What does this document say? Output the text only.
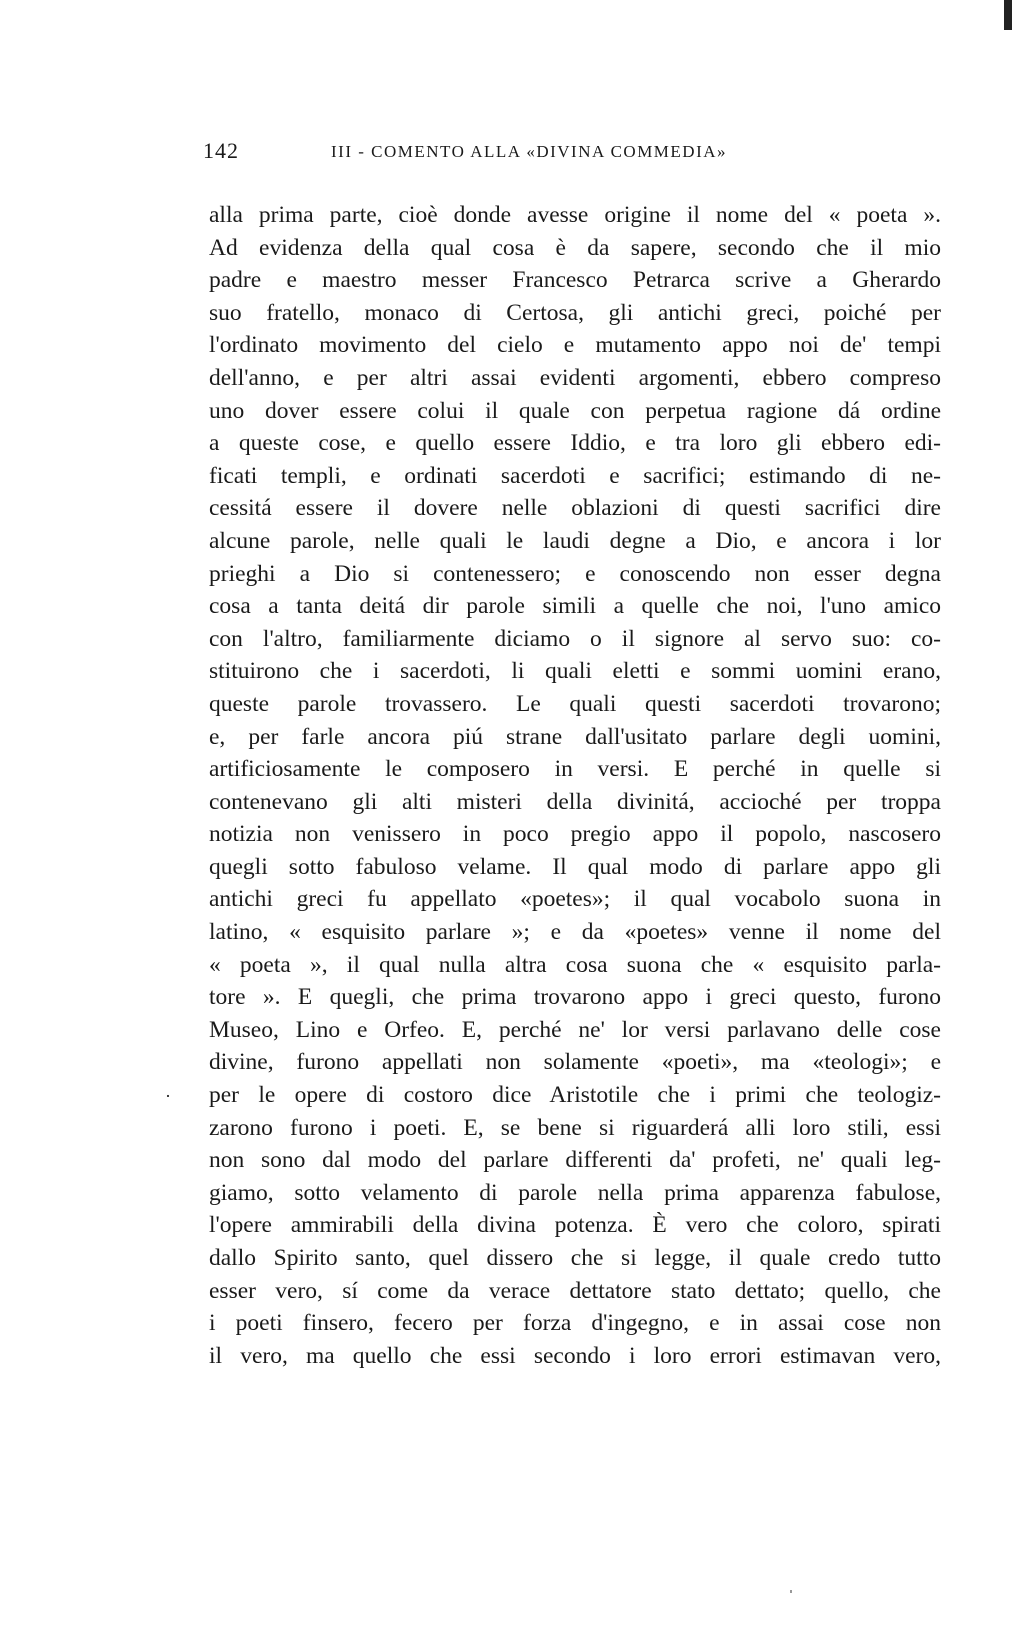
142	III - COMENTO ALLA «DIVINA COMMEDIA»
·
alla prima parte, cioè donde avesse origine il nome del « poeta ».
Ad evidenza della qual cosa è da sapere, secondo che il mio
padre e maestro messer Francesco Petrarca scrive a Gherardo
suo fratello, monaco di Certosa, gli antichi greci, poiché per
l'ordinato movimento del cielo e mutamento appo noi de' tempi
dell'anno, e per altri assai evidenti argomenti, ebbero compreso
uno dover essere colui il quale con perpetua ragione dá ordine
a queste cose, e quello essere Iddio, e tra loro gli ebbero edi-
ficati templi, e ordinati sacerdoti e sacrifici; estimando di ne-
cessitá essere il dovere nelle oblazioni di questi sacrifici dire
alcune parole, nelle quali le laudi degne a Dio, e ancora i lor
prieghi a Dio si contenessero; e conoscendo non esser degna
cosa a tanta deitá dir parole simili a quelle che noi, l'uno amico
con l'altro, familiarmente diciamo o il signore al servo suo: co-
stituirono che i sacerdoti, li quali eletti e sommi uomini erano,
queste parole trovassero. Le quali questi sacerdoti trovarono;
e, per farle ancora piú strane dall'usitato parlare degli uomini,
artificiosamente le composero in versi. E perché in quelle si
contenevano gli alti misteri della divinitá, accioché per troppa
notizia non venissero in poco pregio appo il popolo, nascosero
quegli sotto fabuloso velame. Il qual modo di parlare appo gli
antichi greci fu appellato «poetes»; il qual vocabolo suona in
latino, « esquisito parlare »; e da «poetes» venne il nome del
« poeta », il qual nulla altra cosa suona che « esquisito parla-
tore ». E quegli, che prima trovarono appo i greci questo, furono
Museo, Lino e Orfeo. E, perché ne' lor versi parlavano delle cose
divine, furono appellati non solamente «poeti», ma «teologi»; e
per le opere di costoro dice Aristotile che i primi che teologiz-
zarono furono i poeti. E, se bene si riguarderá alli loro stili, essi
non sono dal modo del parlare differenti da' profeti, ne' quali leg-
giamo, sotto velamento di parole nella prima apparenza fabulose,
l'opere ammirabili della divina potenza. È vero che coloro, spirati
dallo Spirito santo, quel dissero che si legge, il quale credo tutto
esser vero, sí come da verace dettatore stato dettato; quello, che
i poeti finsero, fecero per forza d'ingegno, e in assai cose non
il vero, ma quello che essi secondo i loro errori estimavan vero,
